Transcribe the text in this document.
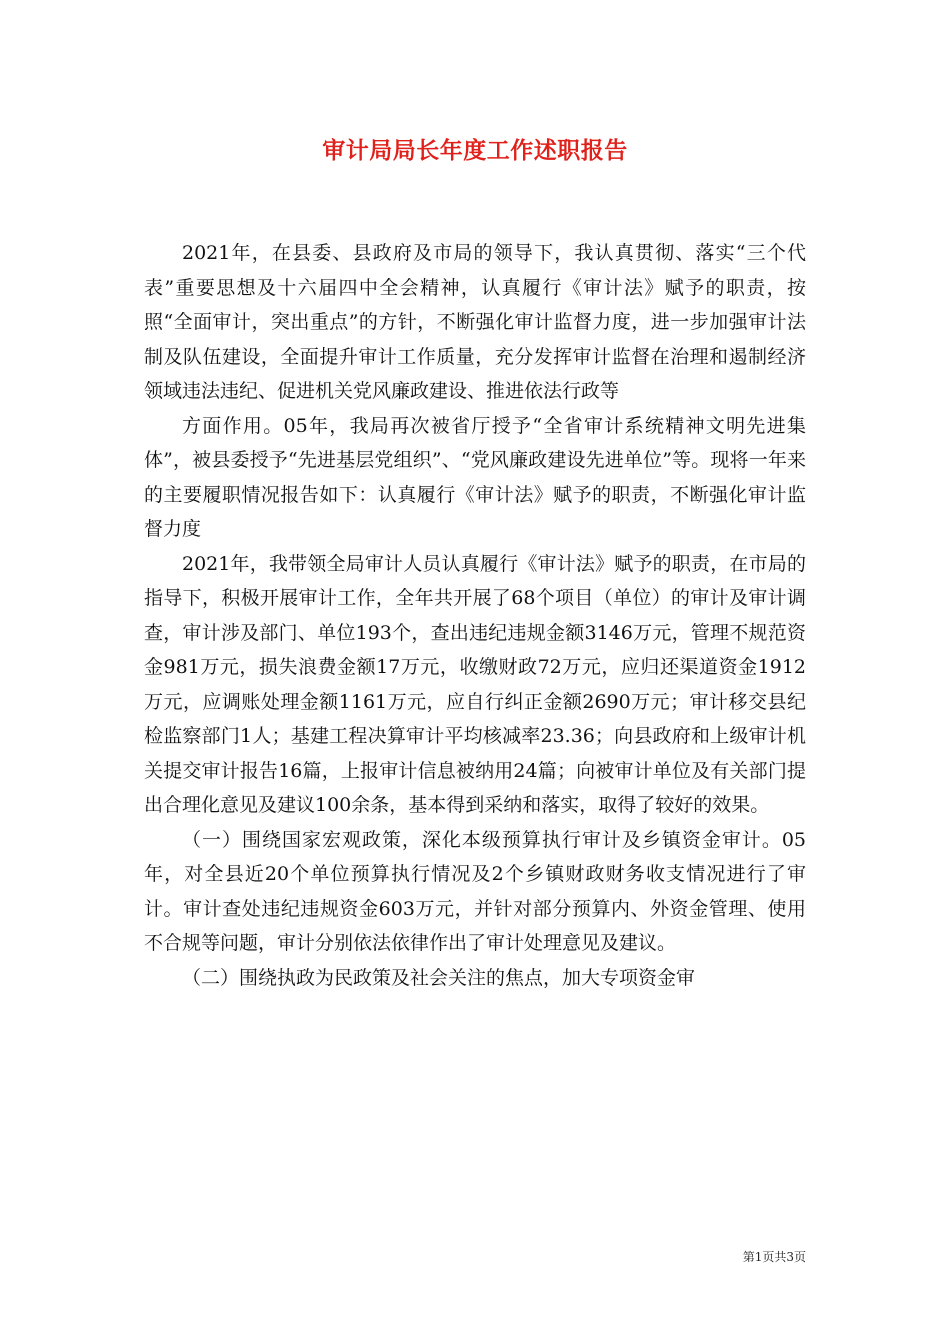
审计局局长年度工作述职报告

2021年，在县委、县政府及市局的领导下，我认真贯彻、落实“三个代表”重要思想及十六届四中全会精神，认真履行《审计法》赋予的职责，按照“全面审计，突出重点”的方针，不断强化审计监督力度，进一步加强审计法制及队伍建设，全面提升审计工作质量，充分发挥审计监督在治理和遏制经济领域违法违纪、促进机关党风廉政建设、推进依法行政等

方面作用。05年，我局再次被省厅授予“全省审计系统精神文明先进集体”，被县委授予“先进基层党组织”、“党风廉政建设先进单位”等。现将一年来的主要履职情况报告如下：认真履行《审计法》赋予的职责，不断强化审计监督力度

2021年，我带领全局审计人员认真履行《审计法》赋予的职责，在市局的指导下，积极开展审计工作，全年共开展了68个项目（单位）的审计及审计调查，审计涉及部门、单位193个，查出违纪违规金额3146万元，管理不规范资金981万元，损失浪费金额17万元，收缴财政72万元，应归还渠道资金1912万元，应调账处理金额1161万元，应自行纠正金额2690万元；审计移交县纪检监察部门1人；基建工程决算审计平均核减率23.36；向县政府和上级审计机关提交审计报告16篇，上报审计信息被纳用24篇；向被审计单位及有关部门提出合理化意见及建议100余条，基本得到采纳和落实，取得了较好的效果。

（一）围绕国家宏观政策，深化本级预算执行审计及乡镇资金审计。05年，对全县近20个单位预算执行情况及2个乡镇财政财务收支情况进行了审计。审计查处违纪违规资金603万元，并针对部分预算内、外资金管理、使用不合规等问题，审计分别依法依律作出了审计处理意见及建议。

（二）围绕执政为民政策及社会关注的焦点，加大专项资金审

第1页共3页
